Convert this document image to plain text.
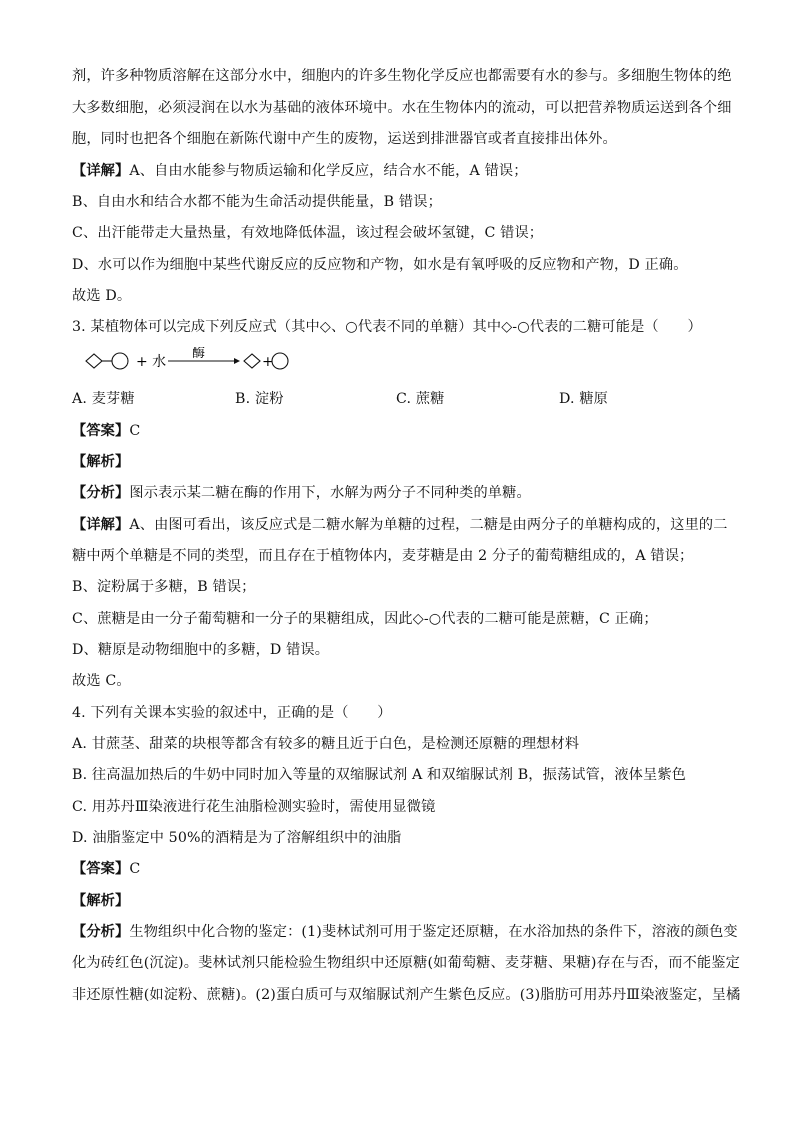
剂，许多种物质溶解在这部分水中，细胞内的许多生物化学反应也都需要有水的参与。多细胞生物体的绝
大多数细胞，必须浸润在以水为基础的液体环境中。水在生物体内的流动，可以把营养物质运送到各个细
胞，同时也把各个细胞在新陈代谢中产生的废物，运送到排泄器官或者直接排出体外。
【详解】A、自由水能参与物质运输和化学反应，结合水不能，A 错误；
B、自由水和结合水都不能为生命活动提供能量，B 错误；
C、出汗能带走大量热量，有效地降低体温，该过程会破坏氢键，C 错误；
D、水可以作为细胞中某些代谢反应的反应物和产物，如水是有氧呼吸的反应物和产物，D 正确。
故选 D。
3. 某植物体可以完成下列反应式（其中◇、○代表不同的单糖）其中◇-○代表的二糖可能是（　　）
+ 水
酶
+
A. 麦芽糖	B. 淀粉	C. 蔗糖	D. 糖原
【答案】C
【解析】
【分析】图示表示某二糖在酶的作用下，水解为两分子不同种类的单糖。
【详解】A、由图可看出，该反应式是二糖水解为单糖的过程，二糖是由两分子的单糖构成的，这里的二
糖中两个单糖是不同的类型，而且存在于植物体内，麦芽糖是由 2 分子的葡萄糖组成的，A 错误；
B、淀粉属于多糖，B 错误；
C、蔗糖是由一分子葡萄糖和一分子的果糖组成，因此◇-○代表的二糖可能是蔗糖，C 正确；
D、糖原是动物细胞中的多糖，D 错误。
故选 C。
4. 下列有关课本实验的叙述中，正确的是（　　）
A. 甘蔗茎、甜菜的块根等都含有较多的糖且近于白色，是检测还原糖的理想材料
B. 往高温加热后的牛奶中同时加入等量的双缩脲试剂 A 和双缩脲试剂 B，振荡试管，液体呈紫色
C. 用苏丹Ⅲ染液进行花生油脂检测实验时，需使用显微镜
D. 油脂鉴定中 50%的酒精是为了溶解组织中的油脂
【答案】C
【解析】
【分析】生物组织中化合物的鉴定：(1)斐林试剂可用于鉴定还原糖，在水浴加热的条件下，溶液的颜色变
化为砖红色(沉淀)。斐林试剂只能检验生物组织中还原糖(如葡萄糖、麦芽糖、果糖)存在与否，而不能鉴定
非还原性糖(如淀粉、蔗糖)。(2)蛋白质可与双缩脲试剂产生紫色反应。(3)脂肪可用苏丹Ⅲ染液鉴定，呈橘
